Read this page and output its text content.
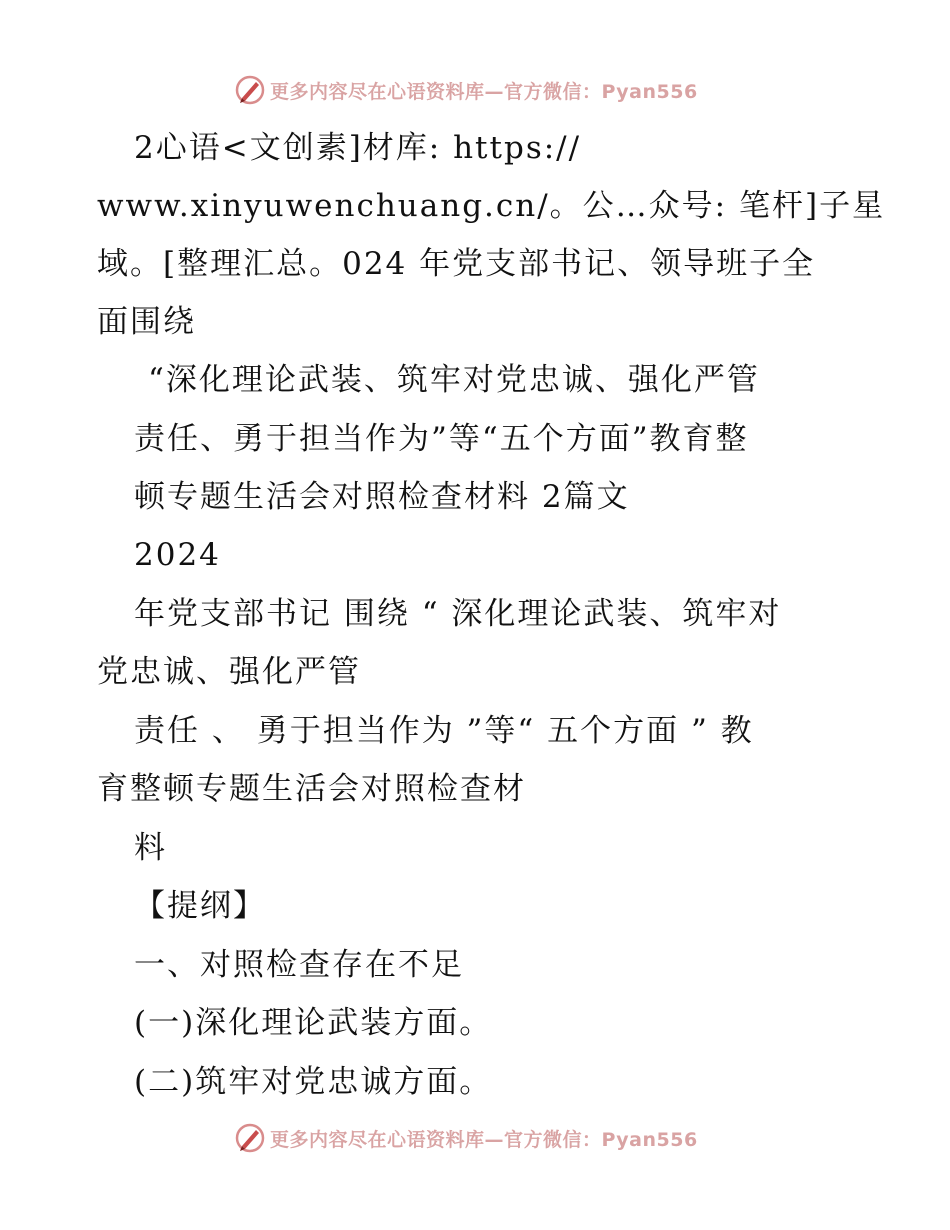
更多内容尽在心语资料库—官方微信：Pyan556
2心语<文创素]材库: https://
www.xinyuwenchuang.cn/。公…众号: 笔杆]子星
域。[整理汇总。024 年党支部书记、领导班子全
面围绕
“深化理论武装、筑牢对党忠诚、强化严管
责任、勇于担当作为”等“五个方面”教育整
顿专题生活会对照检查材料 2篇文
2024
年党支部书记 围绕 “ 深化理论武装、筑牢对
党忠诚、强化严管
责任 、 勇于担当作为 ”等“ 五个方面 ” 教
育整顿专题生活会对照检查材
料
【提纲】
一、对照检查存在不足
(一)深化理论武装方面。
(二)筑牢对党忠诚方面。
更多内容尽在心语资料库—官方微信：Pyan556
